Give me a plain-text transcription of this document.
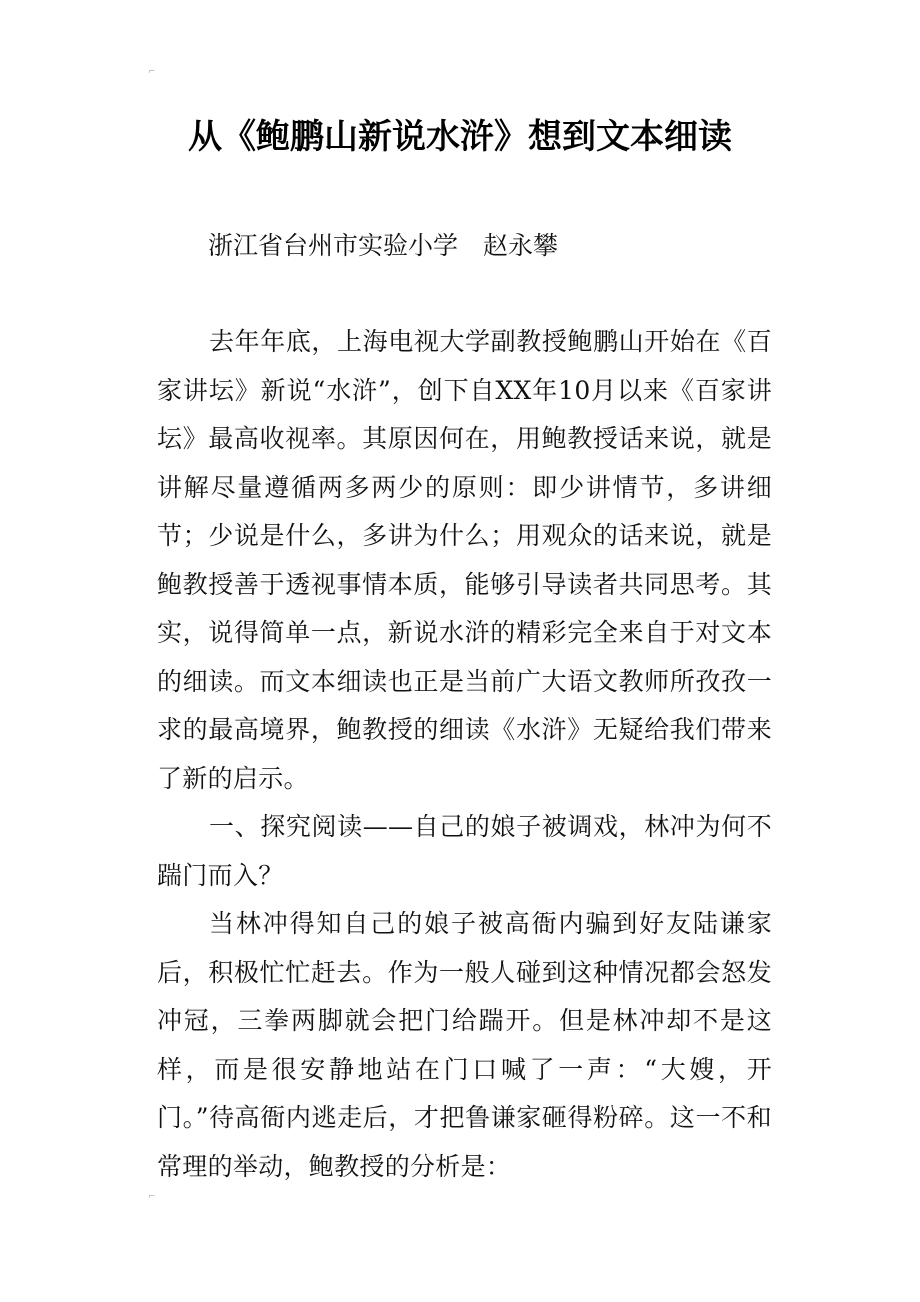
⌐
⌐
从《鲍鹏山新说水浒》想到文本细读

浙江省台州市实验小学　赵永攀

去年年底，上海电视大学副教授鲍鹏山开始在《百家讲坛》新说“水浒”，创下自XX年10月以来《百家讲坛》最高收视率。其原因何在，用鲍教授话来说，就是讲解尽量遵循两多两少的原则：即少讲情节，多讲细节；少说是什么，多讲为什么；用观众的话来说，就是鲍教授善于透视事情本质，能够引导读者共同思考。其实，说得简单一点，新说水浒的精彩完全来自于对文本的细读。而文本细读也正是当前广大语文教师所孜孜一求的最高境界，鲍教授的细读《水浒》无疑给我们带来了新的启示。

一、探究阅读——自己的娘子被调戏，林冲为何不踹门而入？

当林冲得知自己的娘子被高衙内骗到好友陆谦家后，积极忙忙赶去。作为一般人碰到这种情况都会怒发冲冠，三拳两脚就会把门给踹开。但是林冲却不是这样，而是很安静地站在门口喊了一声：“大嫂，开门。”待高衙内逃走后，才把鲁谦家砸得粉碎。这一不和常理的举动，鲍教授的分析是：
